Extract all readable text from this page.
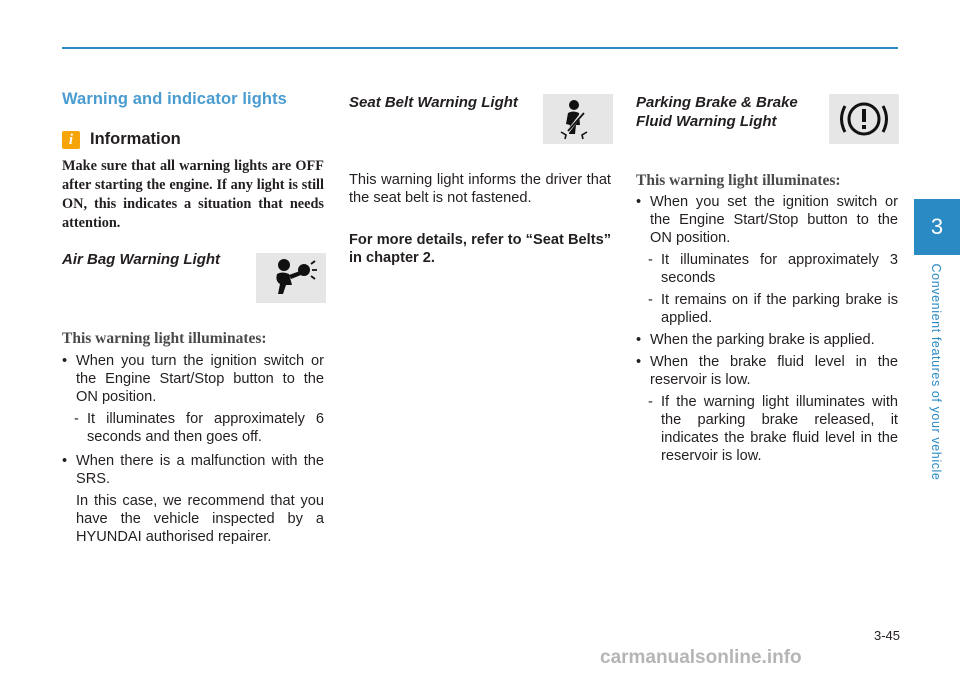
Warning and indicator lights
i	Information

Make sure that all warning lights are OFF after starting the engine. If any light is still ON, this indicates a situation that needs attention.

Air Bag Warning Light
This warning light illuminates:
• When you turn the ignition switch or the Engine Start/Stop button to the ON position.
- It illuminates for approximately 6 seconds and then goes off.
• When there is a malfunction with the SRS.
In this case, we recommend that you have the vehicle inspected by a HYUNDAI authorised repairer.
Seat Belt Warning Light

This warning light informs the driver that the seat belt is not fastened.

For more details, refer to “Seat Belts” in chapter 2.

Parking Brake & Brake
Fluid Warning Light
This warning light illuminates:
• When you set the ignition switch or the Engine Start/Stop button to the ON position.
- It illuminates for approximately 3 seconds
- It remains on if the parking brake is applied.
• When the parking brake is applied.
• When the brake fluid level in the reservoir is low.
- If the warning light illuminates with the parking brake released, it indicates the brake fluid level in the reservoir is low.
3
Convenient features of your vehicle
3-45
carmanualsonline.info
